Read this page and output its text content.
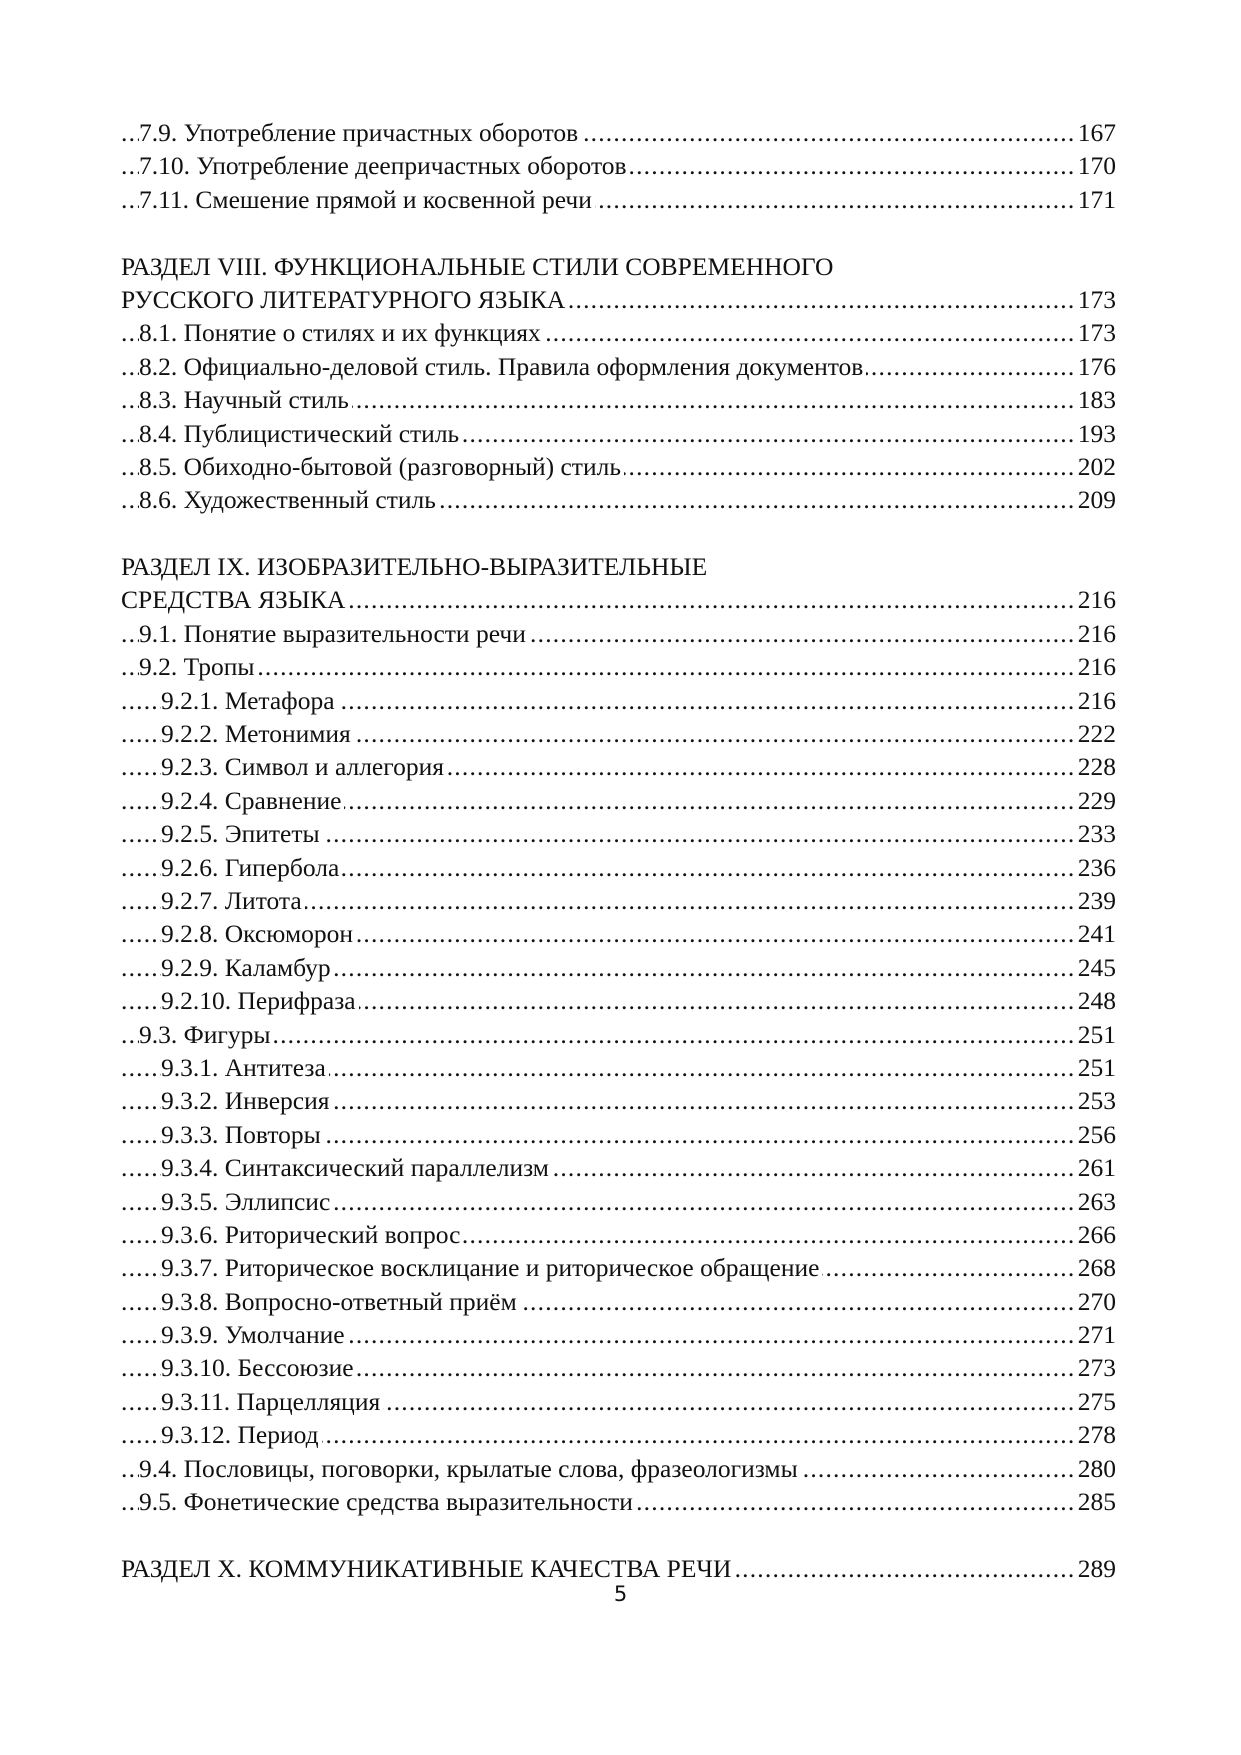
.....
7.9. Употребление причастных оборотов	167
.....
7.10. Употребление деепричастных оборотов	170
.....
7.11. Смешение прямой и косвенной речи	171
РАЗДЕЛ VIII. ФУНКЦИОНАЛЬНЫЕ СТИЛИ СОВРЕМЕННОГО
.....
РУССКОГО ЛИТЕРАТУРНОГО ЯЗЫКА	173
.....
8.1. Понятие о стилях и их функциях	173
.....
8.2. Официально-деловой стиль. Правила оформления документов	176
.....
8.3. Научный стиль	183
.....
8.4. Публицистический стиль	193
.....
8.5. Обиходно-бытовой (разговорный) стиль	202
.....
8.6. Художественный стиль	209
РАЗДЕЛ IX. ИЗОБРАЗИТЕЛЬНО-ВЫРАЗИТЕЛЬНЫЕ
.....
СРЕДСТВА ЯЗЫКА	216
.....
9.1. Понятие выразительности речи	216
.....
9.2. Тропы	216
.....
9.2.1. Метафора	216
.....
9.2.2. Метонимия	222
.....
9.2.3. Символ и аллегория	228
.....
9.2.4. Сравнение	229
.....
9.2.5. Эпитеты	233
.....
9.2.6. Гипербола	236
.....
9.2.7. Литота	239
.....
9.2.8. Оксюморон	241
.....
9.2.9. Каламбур	245
.....
9.2.10. Перифраза	248
.....
9.3. Фигуры	251
.....
9.3.1. Антитеза	251
.....
9.3.2. Инверсия	253
.....
9.3.3. Повторы	256
.....
9.3.4. Синтаксический параллелизм	261
.....
9.3.5. Эллипсис	263
.....
9.3.6. Риторический вопрос	266
.....
9.3.7. Риторическое восклицание и риторическое обращение	268
.....
9.3.8. Вопросно-ответный приём	270
.....
9.3.9. Умолчание	271
.....
9.3.10. Бессоюзие	273
.....
9.3.11. Парцелляция	275
.....
9.3.12. Период	278
.....
9.4. Пословицы, поговорки, крылатые слова, фразеологизмы	280
.....
9.5. Фонетические средства выразительности	285
.....
РАЗДЕЛ X. КОММУНИКАТИВНЫЕ КАЧЕСТВА РЕЧИ	289
5
